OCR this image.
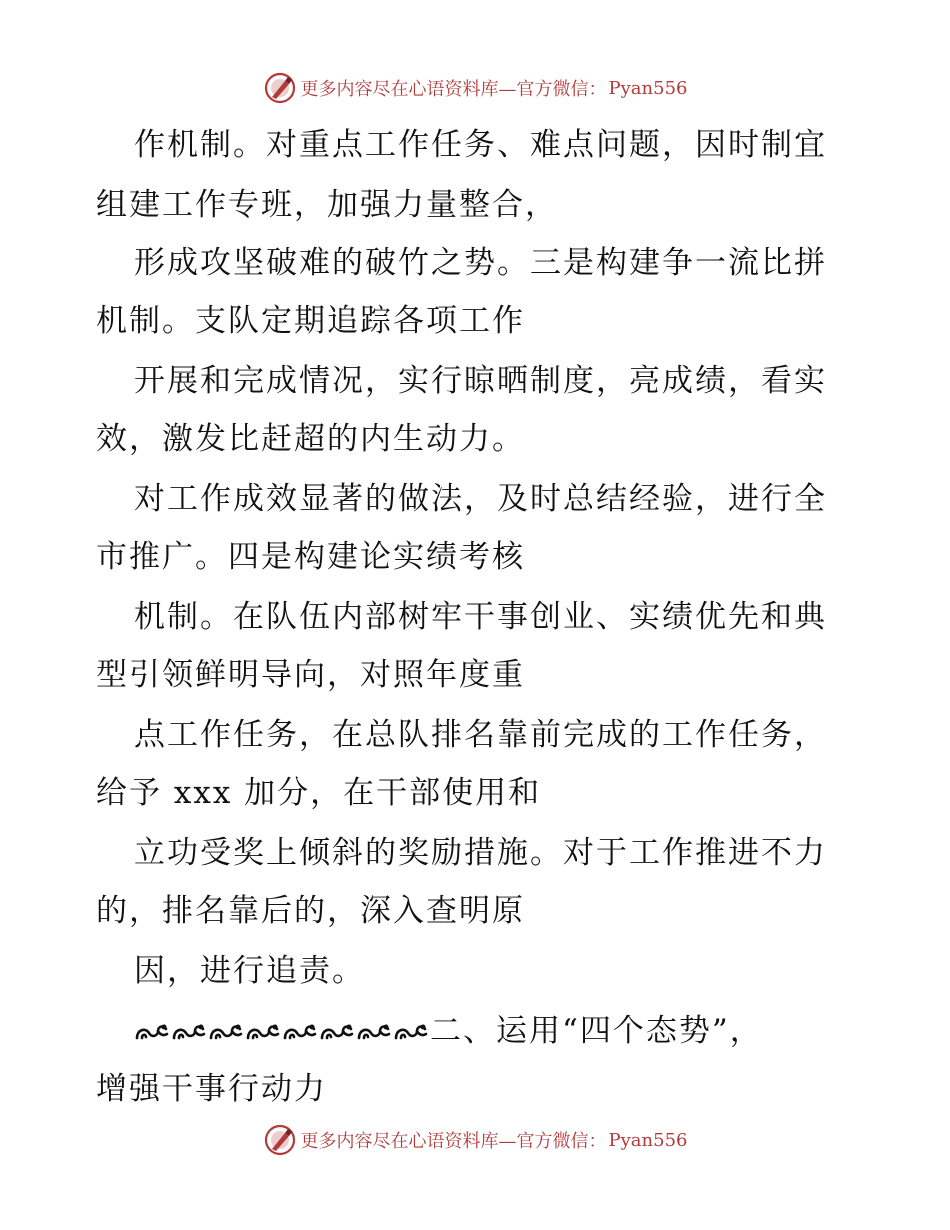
更多内容尽在心语资料库—官方微信： Pyan556
作机制。对重点工作任务、难点问题，因时制宜
组建工作专班，加强力量整合，
形成攻坚破难的破竹之势。三是构建争一流比拼
机制。支队定期追踪各项工作
开展和完成情况，实行晾晒制度，亮成绩，看实
效，激发比赶超的内生动力。
对工作成效显著的做法，及时总结经验，进行全
市推广。四是构建论实绩考核
机制。在队伍内部树牢干事创业、实绩优先和典
型引领鲜明导向，对照年度重
点工作任务，在总队排名靠前完成的工作任务，
给予 xxx 加分，在干部使用和
立功受奖上倾斜的奖励措施。对于工作推进不力
的，排名靠后的，深入查明原
因，进行追责。
二、运用“四个态势”，
增强干事行动力
更多内容尽在心语资料库—官方微信： Pyan556
